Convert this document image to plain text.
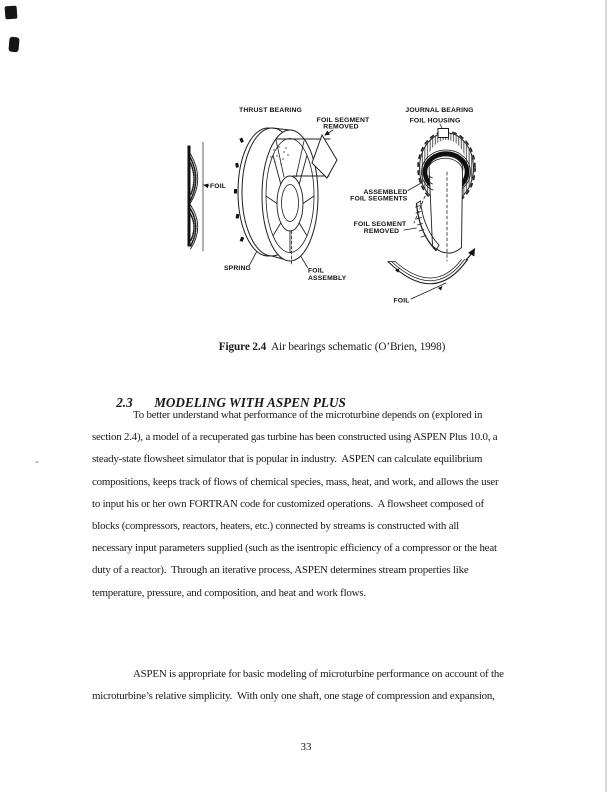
FOIL
THRUST BEARING
FOIL SEGMENT
REMOVED
SPRING	FOIL
ASSEMBLY
JOURNAL BEARING
FOIL HOUSING
ASSEMBLED
FOIL SEGMENTS
FOIL SEGMENT
REMOVED
FOIL

Figure 2.4 Air bearings schematic (O’Brien, 1998)

2.3 MODELING WITH ASPEN PLUS

To better understand what performance of the microturbine depends on (explored in
section 2.4), a model of a recuperated gas turbine has been constructed using ASPEN Plus 10.0, a
steady-state flowsheet simulator that is popular in industry.  ASPEN can calculate equilibrium
compositions, keeps track of flows of chemical species, mass, heat, and work, and allows the user
to input his or her own FORTRAN code for customized operations.  A flowsheet composed of
blocks (compressors, reactors, heaters, etc.) connected by streams is constructed with all
necessary input parameters supplied (such as the isentropic efficiency of a compressor or the heat
duty of a reactor).  Through an iterative process, ASPEN determines stream properties like
temperature, pressure, and composition, and heat and work flows.
ASPEN is appropriate for basic modeling of microturbine performance on account of the
microturbine’s relative simplicity.  With only one shaft, one stage of compression and expansion,
33
